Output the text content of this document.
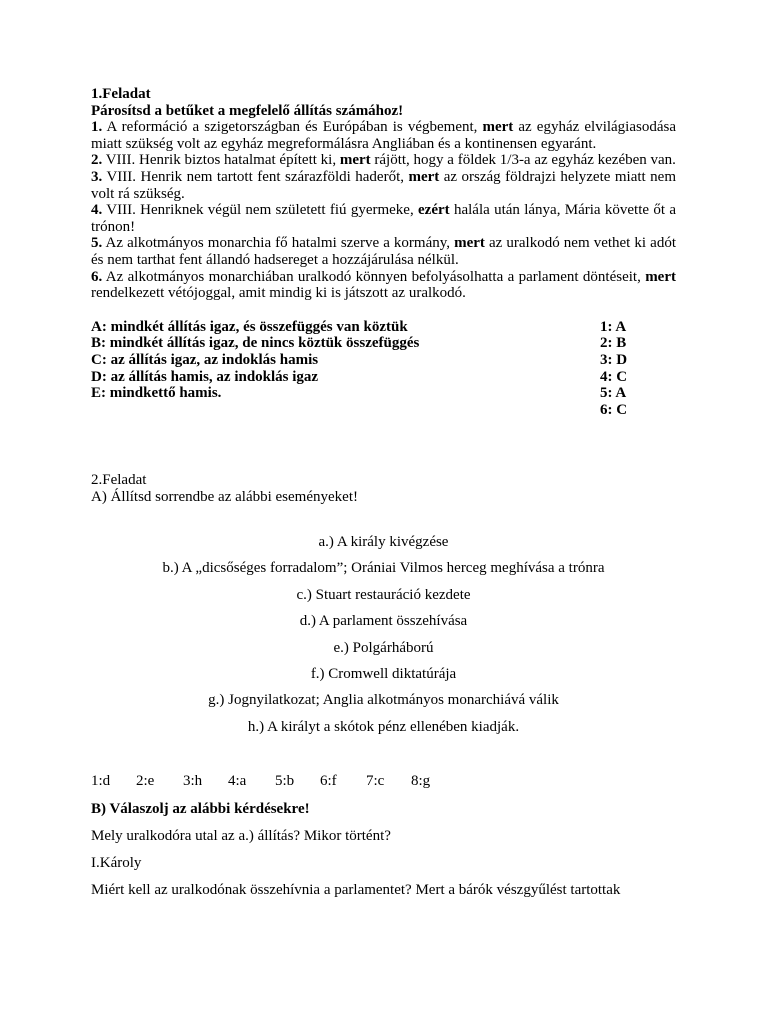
1.Feladat
Párosítsd a betűket a megfelelő állítás számához!
1. A reformáció a szigetországban és Európában is végbement, mert az egyház elvilágiasodása miatt szükség volt az egyház megreformálásra Angliában és a kontinensen egyaránt.
2. VIII. Henrik biztos hatalmat épített ki, mert rájött, hogy a földek 1/3-a az egyház kezében van.
3. VIII. Henrik nem tartott fent szárazföldi haderőt, mert az ország földrajzi helyzete miatt nem volt rá szükség.
4. VIII. Henriknek végül nem született fiú gyermeke, ezért halála után lánya, Mária követte őt a trónon!
5. Az alkotmányos monarchia fő hatalmi szerve a kormány, mert az uralkodó nem vethet ki adót és nem tarthat fent állandó hadsereget a hozzájárulása nélkül.
6. Az alkotmányos monarchiában uralkodó könnyen befolyásolhatta a parlament döntéseit, mert rendelkezett vétójoggal, amit mindig ki is játszott az uralkodó.
A: mindkét állítás igaz, és összefüggés van köztük	1: A
B: mindkét állítás igaz, de nincs köztük összefüggés	2: B
C: az állítás igaz, az indoklás hamis	3: D
D: az állítás hamis, az indoklás igaz	4: C
E: mindkettő hamis.	5: A
6: C
2.Feladat
A) Állítsd sorrendbe az alábbi eseményeket!
a.) A király kivégzése
b.) A „dicsőséges forradalom”; Orániai Vilmos herceg meghívása a trónra
c.) Stuart restauráció kezdete
d.) A parlament összehívása
e.) Polgárháború
f.) Cromwell diktatúrája
g.) Jognyilatkozat; Anglia alkotmányos monarchiává válik
h.) A királyt a skótok pénz ellenében kiadják.
1:d	2:e	3:h	4:a	5:b	6:f	7:c	8:g
B) Válaszolj az alábbi kérdésekre!
Mely uralkodóra utal az a.) állítás? Mikor történt?
I.Károly
Miért kell az uralkodónak összehívnia a parlamentet? Mert a bárók vészgyűlést tartottak
